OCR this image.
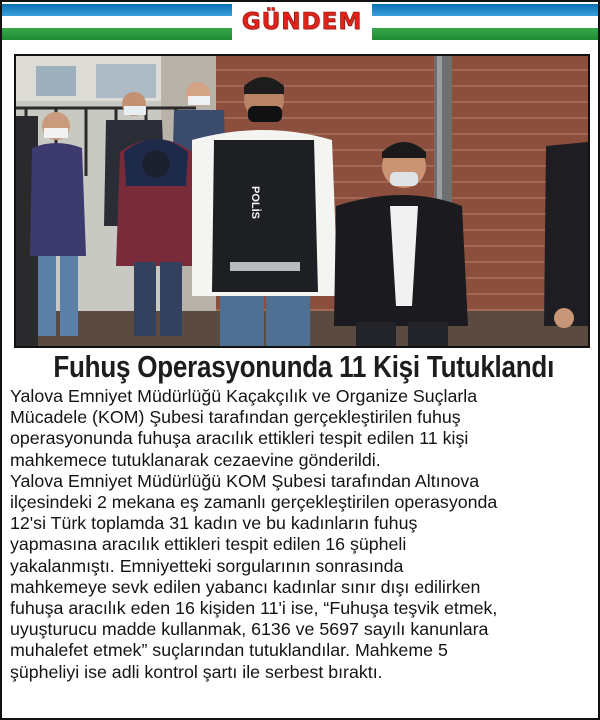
GÜNDEM
POLİS
Fuhuş Operasyonunda 11 Kişi Tutuklandı

Yalova Emniyet Müdürlüğü Kaçakçılık ve Organize Suçlarla

Mücadele (KOM) Şubesi tarafından gerçekleştirilen fuhuş

operasyonunda fuhuşa aracılık ettikleri tespit edilen 11 kişi

mahkemece tutuklanarak cezaevine gönderildi.

Yalova Emniyet Müdürlüğü KOM Şubesi tarafından Altınova

ilçesindeki 2 mekana eş zamanlı gerçekleştirilen operasyonda

12'si Türk toplamda 31 kadın ve bu kadınların fuhuş

yapmasına aracılık ettikleri tespit edilen 16 şüpheli

yakalanmıştı. Emniyetteki sorgularının sonrasında

mahkemeye sevk edilen yabancı kadınlar sınır dışı edilirken

fuhuşa aracılık eden 16 kişiden 11'i ise, “Fuhuşa teşvik etmek,

uyuşturucu madde kullanmak, 6136 ve 5697 sayılı kanunlara

muhalefet etmek” suçlarından tutuklandılar. Mahkeme 5

şüpheliyi ise adli kontrol şartı ile serbest bıraktı.
